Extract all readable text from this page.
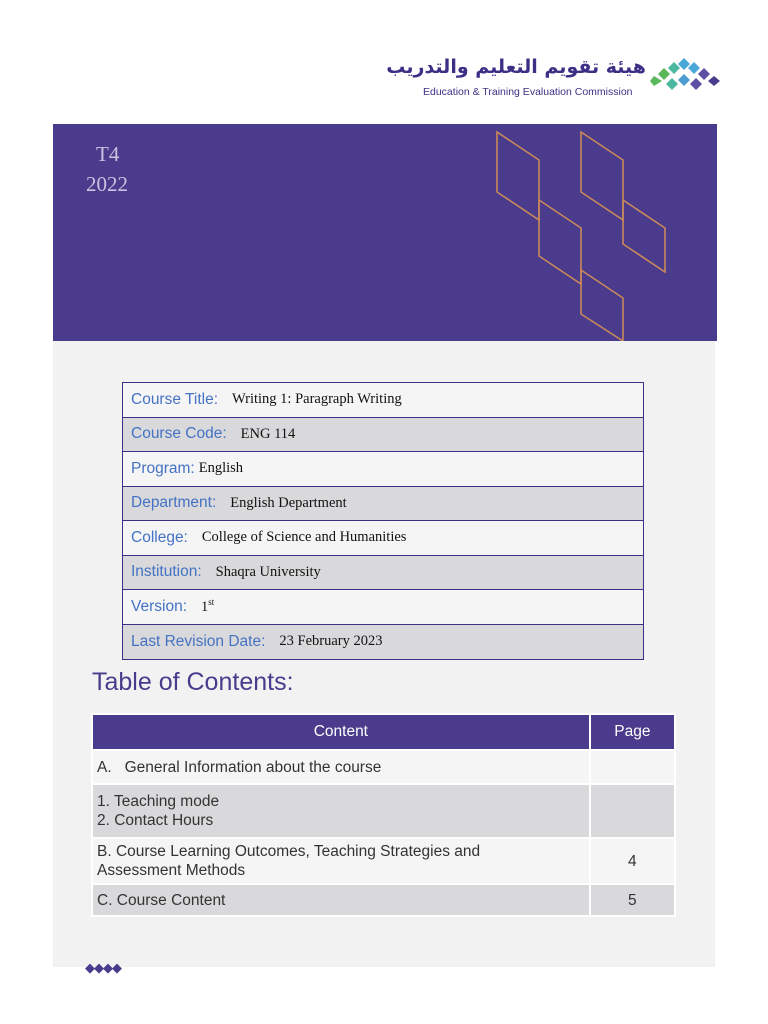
هيئة تقويم التعليم والتدريب
Education & Training Evaluation Commission
T4
2022
Course Title: Writing 1: Paragraph Writing
Course Code: ENG 114
Program: English
Department: English Department
College: College of Science and Humanities
Institution: Shaqra University
Version: 1st
Last Revision Date: 23 February 2023
Table of Contents:
Content	Page
A. General Information about the course	

1. Teaching mode
2. Contact Hours	

B. Course Learning Outcomes, Teaching Strategies and
Assessment Methods	4
C. Course Content	5
◆◆◆◆
